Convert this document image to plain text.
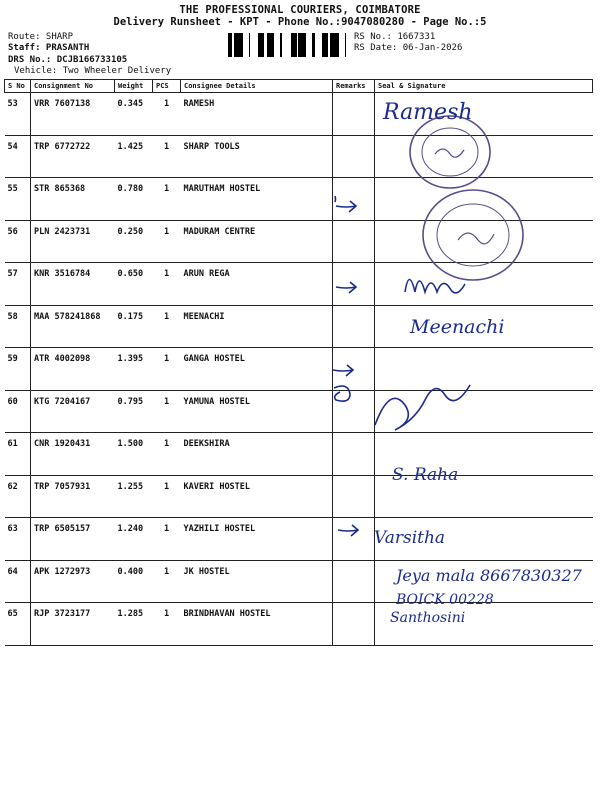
THE PROFESSIONAL COURIERS, COIMBATORE
Delivery Runsheet - KPT - Phone No.:9047080280 - Page No.:5
Route: SHARP
Staff: PRASANTH
DRS No.: DCJB166733105
Vehicle: Two Wheeler Delivery
RS No.: 1667331
RS Date: 06-Jan-2026
S No	Consignment No	Weight	PCS	Consignee Details	Remarks	Seal & Signature
53	VRR 7607138	0.345	1	RAMESH		
54	TRP 6772722	1.425	1	SHARP TOOLS		
55	STR 865368	0.780	1	MARUTHAM HOSTEL		
56	PLN 2423731	0.250	1	MADURAM CENTRE		
57	KNR 3516784	0.650	1	ARUN REGA		
58	MAA 578241868	0.175	1	MEENACHI		
59	ATR 4002098	1.395	1	GANGA HOSTEL		
60	KTG 7204167	0.795	1	YAMUNA HOSTEL		
61	CNR 1920431	1.500	1	DEEKSHIRA		
62	TRP 7057931	1.255	1	KAVERI HOSTEL		
63	TRP 6505157	1.240	1	YAZHILI HOSTEL		
64	APK 1272973	0.400	1	JK HOSTEL		
65	RJP 3723177	1.285	1	BRINDHAVAN HOSTEL		
Ramesh
Meenachi
S. Raha
Varsitha
Jeya mala 8667830327
BOICK 00228
Santhosini
